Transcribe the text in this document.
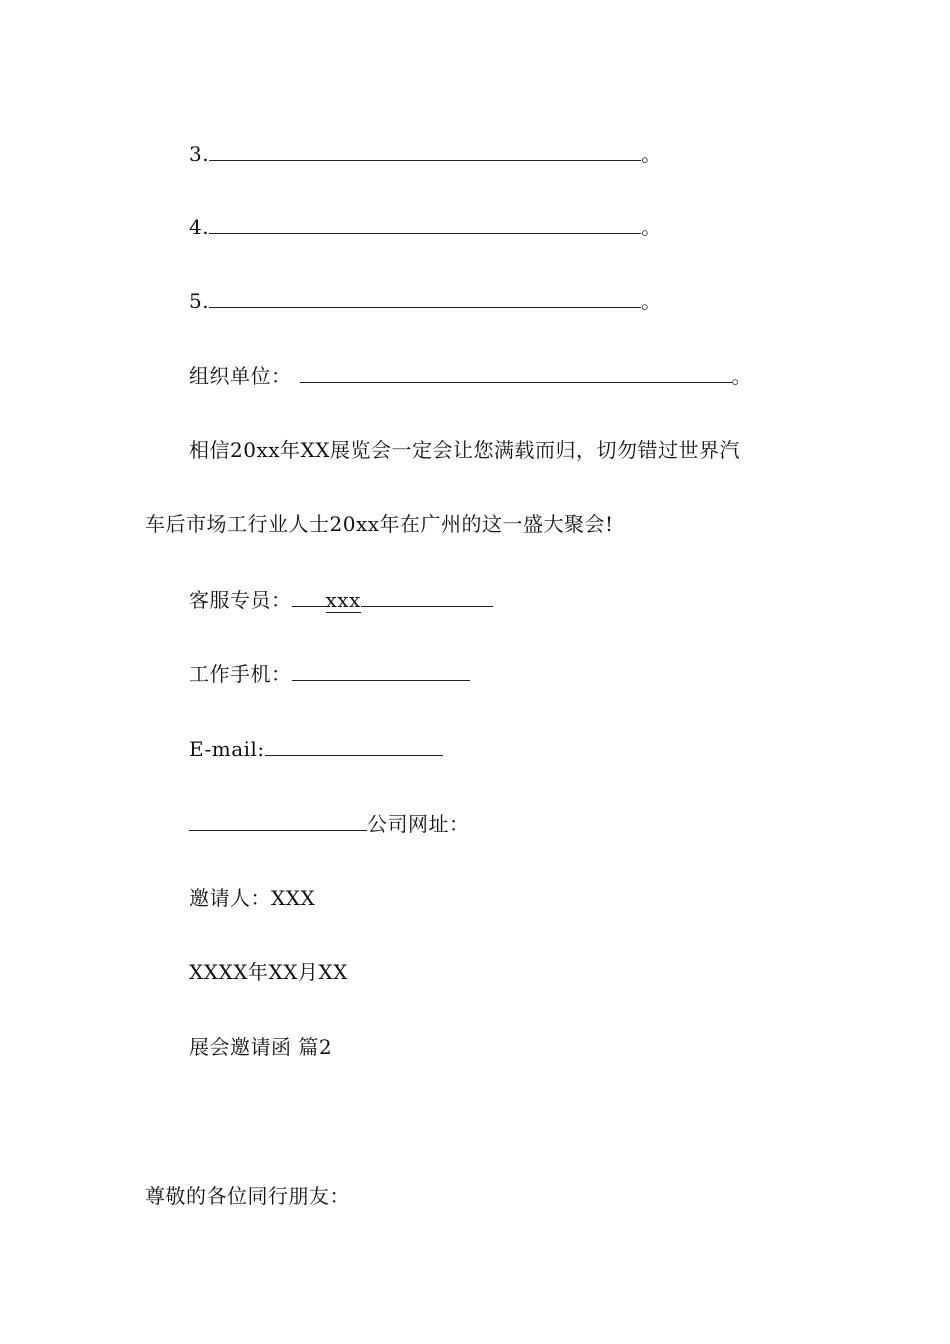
3.	。
4.	。
5.	。
组织单位：	。
相信20xx年XX展览会一定会让您满载而归，切勿错过世界汽
车后市场工行业人士20xx年在广州的这一盛大聚会!
客服专员： xxx
工作手机：
E-mail:
公司网址：
邀请人：XXX
XXXX年XX月XX
展会邀请函 篇2
尊敬的各位同行朋友：
